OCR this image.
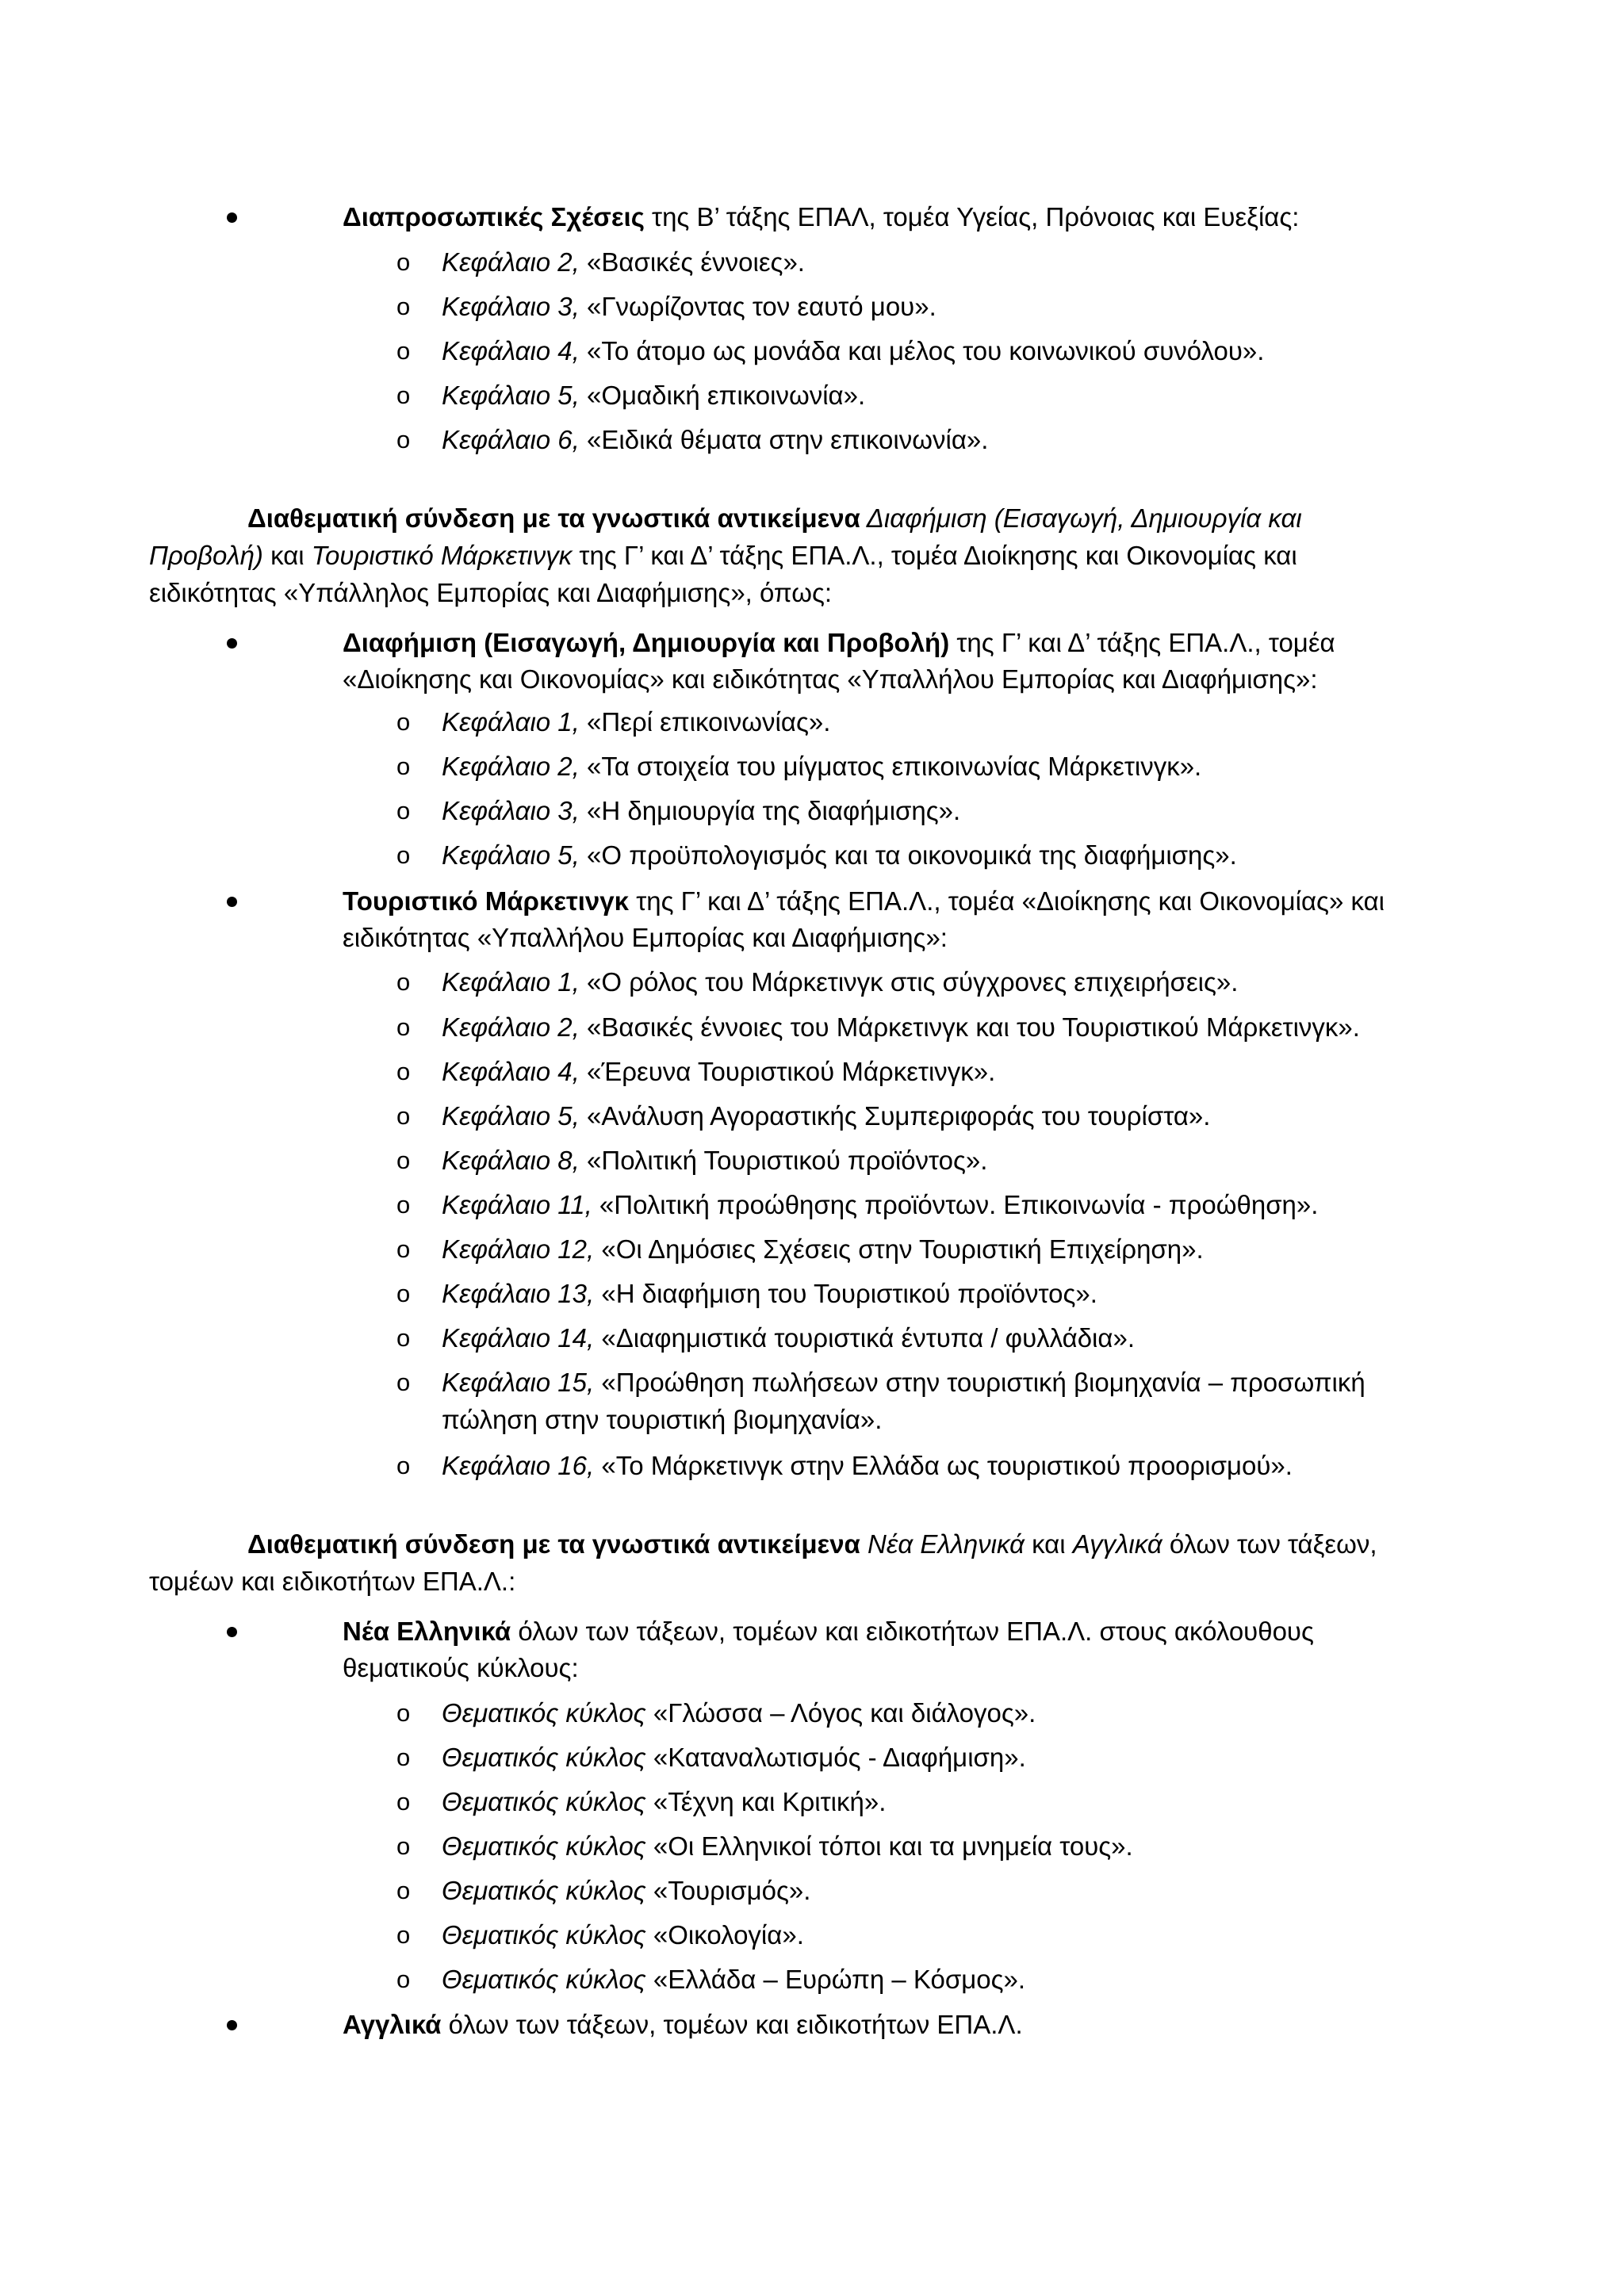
Διαπροσωπικές Σχέσεις της Β’ τάξης ΕΠΑΛ, τομέα Υγείας, Πρόνοιας και Ευεξίας:
o Κεφάλαιο 2, «Βασικές έννοιες».
o Κεφάλαιο 3, «Γνωρίζοντας τον εαυτό μου».
o Κεφάλαιο 4, «Το άτομο ως μονάδα και μέλος του κοινωνικού συνόλου».
o Κεφάλαιο 5, «Ομαδική επικοινωνία».
o Κεφάλαιο 6, «Ειδικά θέματα στην επικοινωνία».
Διαθεματική σύνδεση με τα γνωστικά αντικείμενα Διαφήμιση (Εισαγωγή, Δημιουργία και
Προβολή) και Τουριστικό Μάρκετινγκ της Γ’ και Δ’ τάξης ΕΠΑ.Λ., τομέα Διοίκησης και Οικονομίας και
ειδικότητας «Υπάλληλος Εμπορίας και Διαφήμισης», όπως:
Διαφήμιση (Εισαγωγή, Δημιουργία και Προβολή) της Γ’ και Δ’ τάξης ΕΠΑ.Λ., τομέα
«Διοίκησης και Οικονομίας» και ειδικότητας «Υπαλλήλου Εμπορίας και Διαφήμισης»:
o Κεφάλαιο 1, «Περί επικοινωνίας».
o Κεφάλαιο 2, «Τα στοιχεία του μίγματος επικοινωνίας Μάρκετινγκ».
o Κεφάλαιο 3, «Η δημιουργία της διαφήμισης».
o Κεφάλαιο 5, «Ο προϋπολογισμός και τα οικονομικά της διαφήμισης».
Τουριστικό Μάρκετινγκ της Γ’ και Δ’ τάξης ΕΠΑ.Λ., τομέα «Διοίκησης και Οικονομίας» και
ειδικότητας «Υπαλλήλου Εμπορίας και Διαφήμισης»:
o Κεφάλαιο 1, «Ο ρόλος του Μάρκετινγκ στις σύγχρονες επιχειρήσεις».
o Κεφάλαιο 2, «Βασικές έννοιες του Μάρκετινγκ και του Τουριστικού Μάρκετινγκ».
o Κεφάλαιο 4, «Έρευνα Τουριστικού Μάρκετινγκ».
o Κεφάλαιο 5, «Ανάλυση Αγοραστικής Συμπεριφοράς του τουρίστα».
o Κεφάλαιο 8, «Πολιτική Τουριστικού προϊόντος».
o Κεφάλαιο 11, «Πολιτική προώθησης προϊόντων. Επικοινωνία - προώθηση».
o Κεφάλαιο 12, «Οι Δημόσιες Σχέσεις στην Τουριστική Επιχείρηση».
o Κεφάλαιο 13, «Η διαφήμιση του Τουριστικού προϊόντος».
o Κεφάλαιο 14, «Διαφημιστικά τουριστικά έντυπα / φυλλάδια».
o Κεφάλαιο 15, «Προώθηση πωλήσεων στην τουριστική βιομηχανία – προσωπική
πώληση στην τουριστική βιομηχανία».
o Κεφάλαιο 16, «Το Μάρκετινγκ στην Ελλάδα ως τουριστικού προορισμού».
Διαθεματική σύνδεση με τα γνωστικά αντικείμενα Νέα Ελληνικά και Αγγλικά όλων των τάξεων,
τομέων και ειδικοτήτων ΕΠΑ.Λ.:
Νέα Ελληνικά όλων των τάξεων, τομέων και ειδικοτήτων ΕΠΑ.Λ. στους ακόλουθους
θεματικούς κύκλους:
o Θεματικός κύκλος «Γλώσσα – Λόγος και διάλογος».
o Θεματικός κύκλος «Καταναλωτισμός - Διαφήμιση».
o Θεματικός κύκλος «Τέχνη και Κριτική».
o Θεματικός κύκλος «Οι Ελληνικοί τόποι και τα μνημεία τους».
o Θεματικός κύκλος «Τουρισμός».
o Θεματικός κύκλος «Οικολογία».
o Θεματικός κύκλος «Ελλάδα – Ευρώπη – Κόσμος».
Αγγλικά όλων των τάξεων, τομέων και ειδικοτήτων ΕΠΑ.Λ.
